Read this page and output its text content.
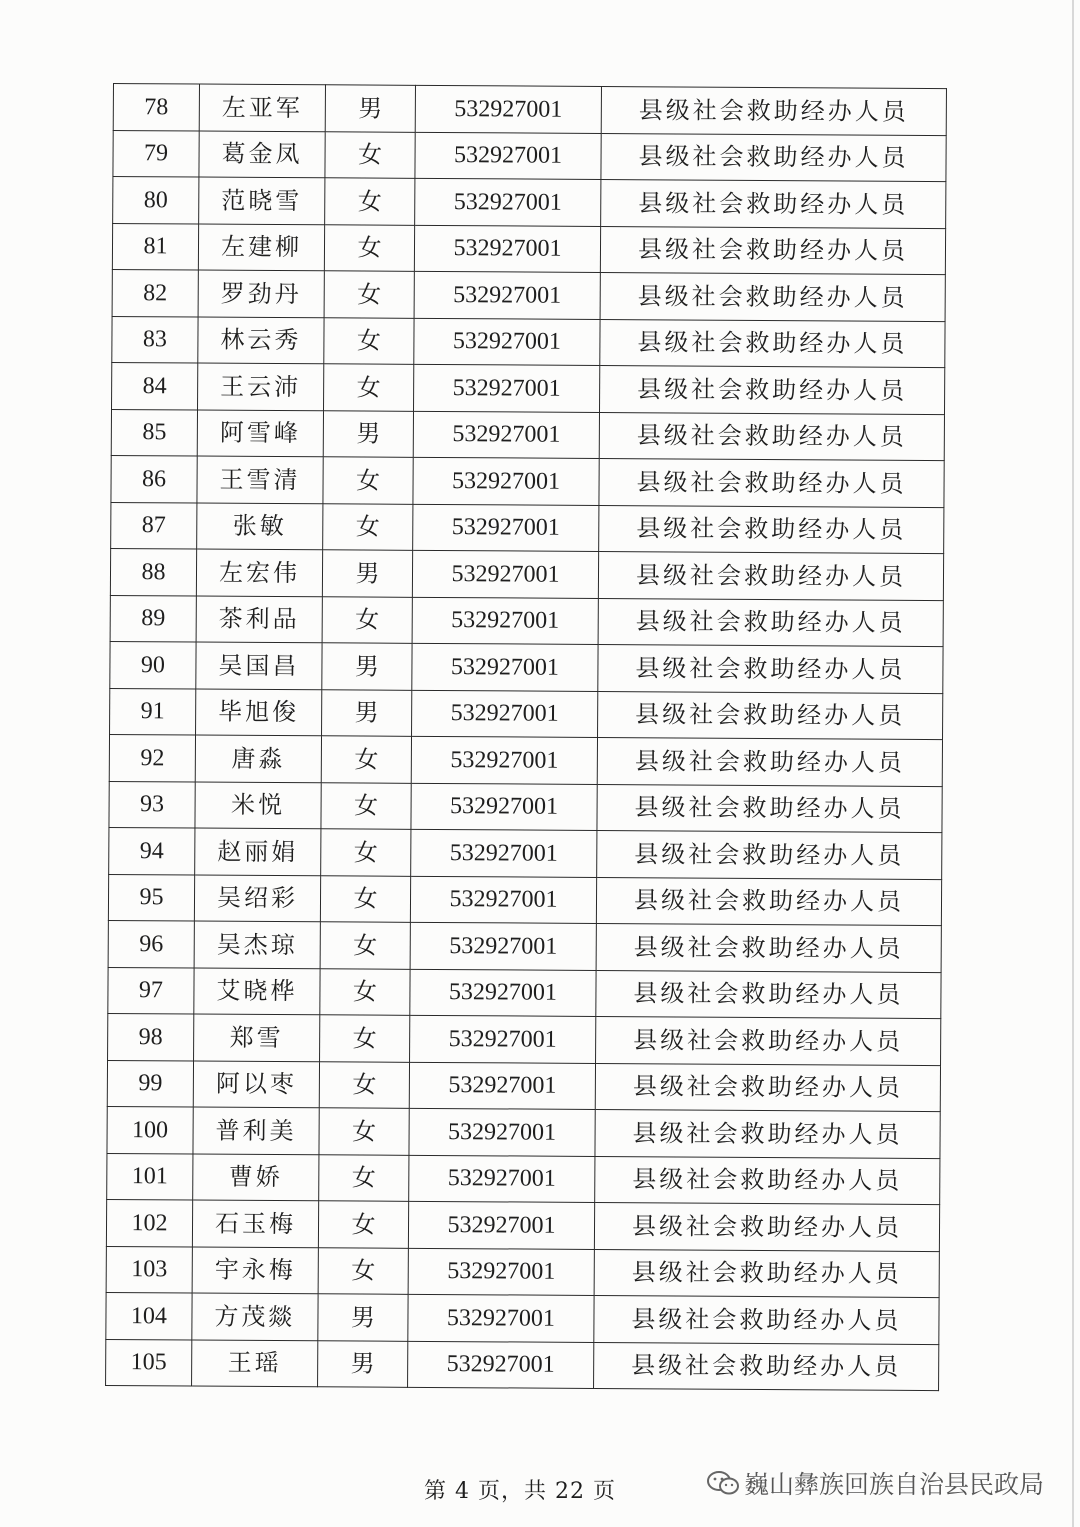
78	左亚军	男	532927001	县级社会救助经办人员
79	葛金凤	女	532927001	县级社会救助经办人员
80	范晓雪	女	532927001	县级社会救助经办人员
81	左建柳	女	532927001	县级社会救助经办人员
82	罗劲丹	女	532927001	县级社会救助经办人员
83	林云秀	女	532927001	县级社会救助经办人员
84	王云沛	女	532927001	县级社会救助经办人员
85	阿雪峰	男	532927001	县级社会救助经办人员
86	王雪清	女	532927001	县级社会救助经办人员
87	张敏	女	532927001	县级社会救助经办人员
88	左宏伟	男	532927001	县级社会救助经办人员
89	茶利品	女	532927001	县级社会救助经办人员
90	吴国昌	男	532927001	县级社会救助经办人员
91	毕旭俊	男	532927001	县级社会救助经办人员
92	唐淼	女	532927001	县级社会救助经办人员
93	米悦	女	532927001	县级社会救助经办人员
94	赵丽娟	女	532927001	县级社会救助经办人员
95	吴绍彩	女	532927001	县级社会救助经办人员
96	吴杰琼	女	532927001	县级社会救助经办人员
97	艾晓桦	女	532927001	县级社会救助经办人员
98	郑雪	女	532927001	县级社会救助经办人员
99	阿以枣	女	532927001	县级社会救助经办人员
100	普利美	女	532927001	县级社会救助经办人员
101	曹娇	女	532927001	县级社会救助经办人员
102	石玉梅	女	532927001	县级社会救助经办人员
103	宇永梅	女	532927001	县级社会救助经办人员
104	方茂燚	男	532927001	县级社会救助经办人员
105	王瑶	男	532927001	县级社会救助经办人员
第 4 页，共 22 页	巍山彝族回族自治县民政局
